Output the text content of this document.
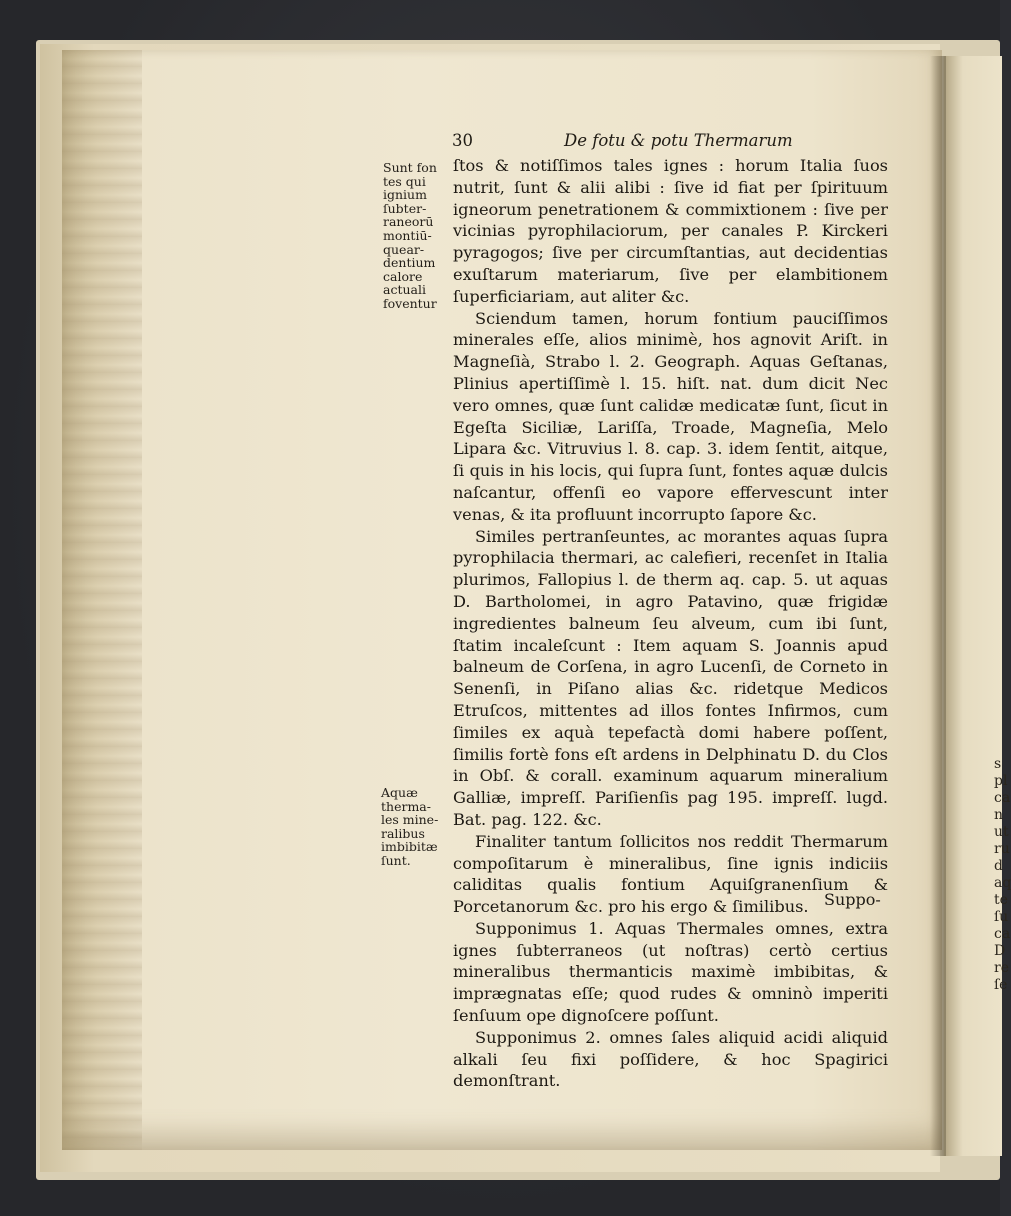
s
pl
ca
n
ut
ru
d
aq
te
ſu
ca
D
re
ſe
30	De fotu & potu Thermarum
Sunt fon
tes qui
ignium
ſubter-
raneorū
montiū-
quear-
dentium
calore
actuali
foventur
Aquæ
therma-
les mine-
ralibus
imbibitæ
ſunt.

ſtos & notiſſimos tales ignes : horum Italia ſuos nutrit, ſunt & alii alibi : ſive id fiat per ſpirituum igneorum penetrationem & commixtionem : ſive per vicinias pyrophilaciorum, per canales P. Kirckeri pyragogos; ſive per circumſtantias, aut decidentias exuſtarum materiarum, ſive per elambitionem ſuperficiariam, aut aliter &c.

Sciendum tamen, horum fontium pauciſſimos minerales eſſe, alios minimè, hos agnovit Ariſt. in Magneſià, Strabo l. 2. Geograph. Aquas Geſtanas, Plinius apertiſſimè l. 15. hiſt. nat. dum dicit Nec vero omnes, quæ ſunt calidæ medicatæ ſunt, ſicut in Egeſta Siciliæ, Lariſſa, Troade, Magneſia, Melo Lipara &c. Vitruvius l. 8. cap. 3. idem ſentit, aitque, ſi quis in his locis, qui ſupra ſunt, fontes aquæ dulcis naſcantur, offenſi eo vapore effervescunt inter venas, & ita profluunt incorrupto ſapore &c.

Similes pertranſeuntes, ac morantes aquas ſupra pyrophilacia thermari, ac calefieri, recenſet in Italia plurimos, Fallopius l. de therm aq. cap. 5. ut aquas D. Bartholomei, in agro Patavino, quæ frigidæ ingredientes balneum ſeu alveum, cum ibi ſunt, ſtatim incaleſcunt : Item aquam S. Joannis apud balneum de Corſena, in agro Lucenſi, de Corneto in Senenſi, in Piſano alias &c. ridetque Medicos Etruſcos, mittentes ad illos fontes Infirmos, cum ſimiles ex aquà tepefactà domi habere poſſent, ſimilis fortè fons eſt ardens in Delphinatu D. du Clos in Obſ. & corall. examinum aquarum mineralium Galliæ, impreſſ. Pariſienſis pag 195. impreſſ. lugd. Bat. pag. 122. &c.

Finaliter tantum ſollicitos nos reddit Thermarum compoſitarum è mineralibus, ſine ignis indiciis caliditas qualis fontium Aquiſgranenſium & Porcetanorum &c. pro his ergo & ſimilibus.

Supponimus 1. Aquas Thermales omnes, extra ignes ſubterraneos (ut noſtras) certò certius mineralibus thermanticis maximè imbibitas, & imprægnatas eſſe; quod rudes & omninò imperiti ſenſuum ope dignoſcere poſſunt.

Supponimus 2. omnes ſales aliquid acidi aliquid alkali ſeu fixi poſſidere, & hoc Spagirici demonſtrant.

Suppo-
